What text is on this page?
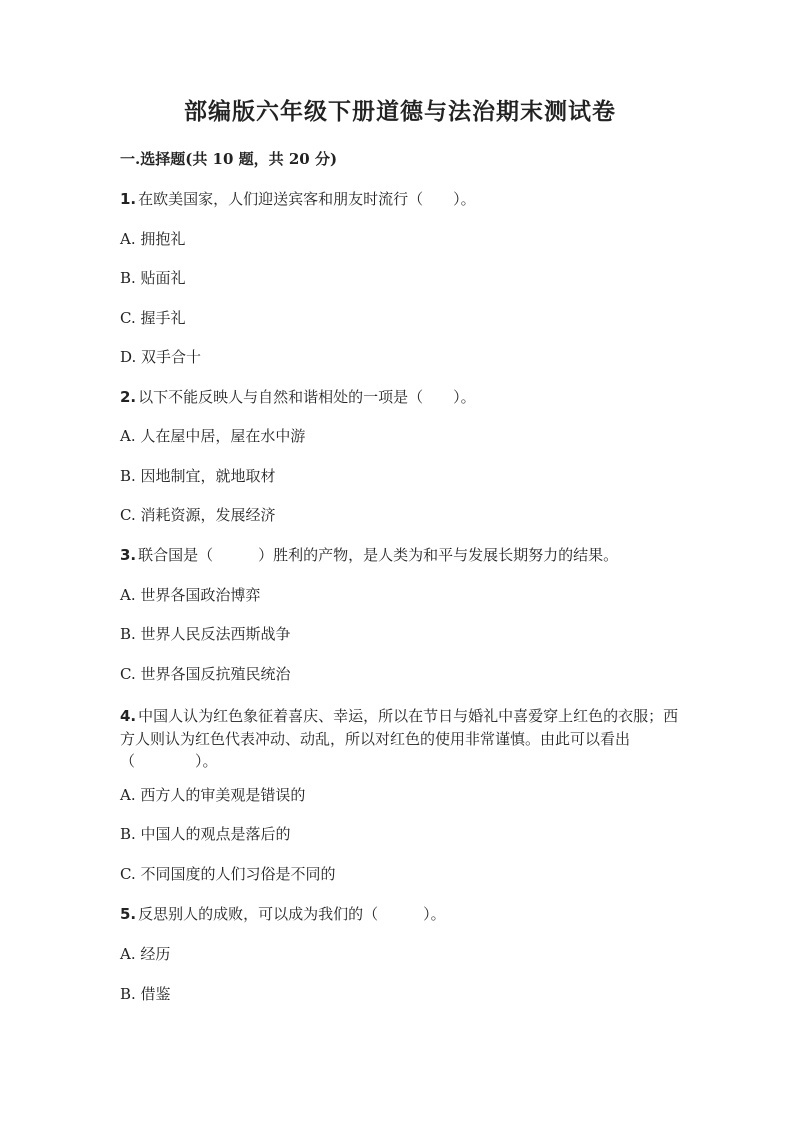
部编版六年级下册道德与法治期末测试卷
一.选择题(共 10 题，共 20 分)
1. 在欧美国家，人们迎送宾客和朋友时流行（　　）。
A. 拥抱礼
B. 贴面礼
C. 握手礼
D. 双手合十
2. 以下不能反映人与自然和谐相处的一项是（　　）。
A. 人在屋中居，屋在水中游
B. 因地制宜，就地取材
C. 消耗资源，发展经济
3. 联合国是（　　　）胜利的产物，是人类为和平与发展长期努力的结果。
A. 世界各国政治博弈
B. 世界人民反法西斯战争
C. 世界各国反抗殖民统治
4. 中国人认为红色象征着喜庆、幸运，所以在节日与婚礼中喜爱穿上红色的衣服；西方人则认为红色代表冲动、动乱，所以对红色的使用非常谨慎。由此可以看出（　　　　）。
A. 西方人的审美观是错误的
B. 中国人的观点是落后的
C. 不同国度的人们习俗是不同的
5. 反思别人的成败，可以成为我们的（　　　）。
A. 经历
B. 借鉴
